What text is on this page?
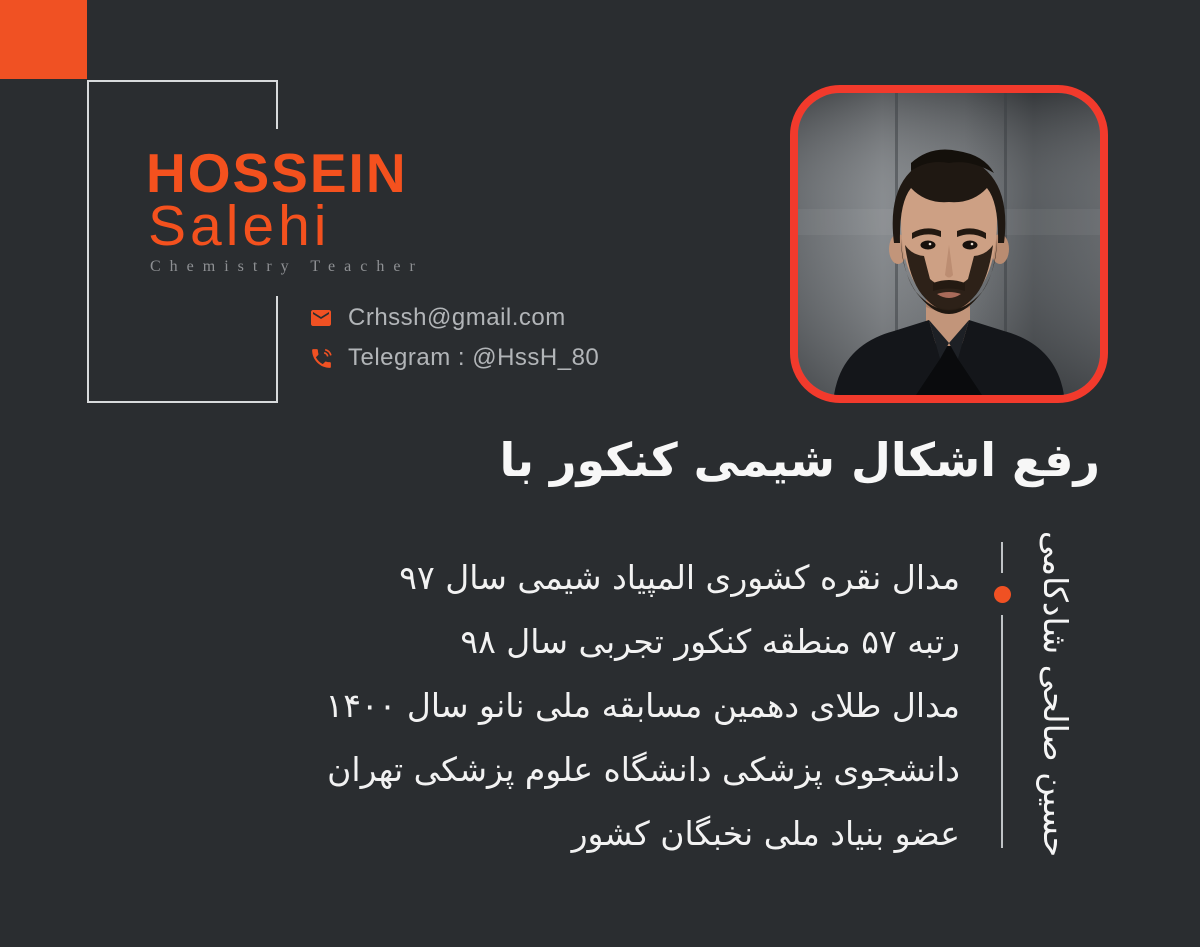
HOSSEIN
Salehi
Chemistry Teacher
Crhssh@gmail.com
Telegram : @HssH_80
رفع اشکال شیمی کنکور با
مدال نقره کشوری المپیاد شیمی سال ۹۷
رتبه ۵۷ منطقه کنکور تجربی سال ۹۸
مدال طلای دهمین مسابقه ملی نانو سال ۱۴۰۰
دانشجوی پزشکی دانشگاه علوم پزشکی تهران
عضو بنیاد ملی نخبگان کشور	حسین صالحی شادکامی
